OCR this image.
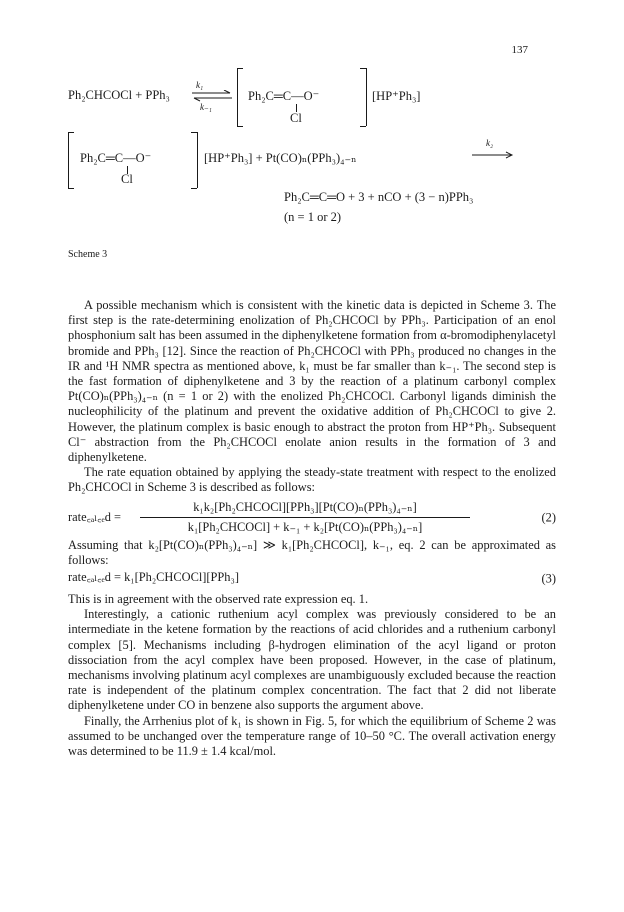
137
Ph₂CHCOCl + PPh₃
k₁
k₋₁
Ph₂C═C—O⁻
Cl
[HP⁺Ph₃]
Ph₂C═C—O⁻
Cl
[HP⁺Ph₃] + Pt(CO)ₙ(PPh₃)₄₋ₙ
k₂
Ph₂C═C═O + 3 + nCO + (3 − n)PPh₃
(n = 1 or 2)
Scheme 3

A possible mechanism which is consistent with the kinetic data is depicted in Scheme 3. The first step is the rate-determining enolization of Ph₂CHCOCl by PPh₃. Participation of an enol phosphonium salt has been assumed in the diphenylketene formation from α-bromodiphenylacetyl bromide and PPh₃ [12]. Since the reaction of Ph₂CHCOCl with PPh₃ produced no changes in the IR and ¹H NMR spectra as mentioned above, k₁ must be far smaller than k₋₁. The second step is the fast formation of diphenylketene and 3 by the reaction of a platinum carbonyl complex Pt(CO)ₙ(PPh₃)₄₋ₙ (n = 1 or 2) with the enolized Ph₂CHCOCl. Carbonyl ligands diminish the nucleophilicity of the platinum and prevent the oxidative addition of Ph₂CHCOCl to give 2. However, the platinum complex is basic enough to abstract the proton from HP⁺Ph₃. Subsequent Cl⁻ abstraction from the Ph₂CHCOCl enolate anion results in the formation of 3 and diphenylketene.

The rate equation obtained by applying the steady-state treatment with respect to the enolized Ph₂CHCOCl in Scheme 3 is described as follows:

rate꜀ₐₗ꜀ₑd =
k₁k₂[Ph₂CHCOCl][PPh₃][Pt(CO)ₙ(PPh₃)₄₋ₙ]
k₁[Ph₂CHCOCl] + k₋₁ + k₂[Pt(CO)ₙ(PPh₃)₄₋ₙ]
(2)

Assuming that k₂[Pt(CO)ₙ(PPh₃)₄₋ₙ] ≫ k₁[Ph₂CHCOCl], k₋₁, eq. 2 can be approximated as follows:

rate꜀ₐₗ꜀ₑd = k₁[Ph₂CHCOCl][PPh₃]	(3)

This is in agreement with the observed rate expression eq. 1.

Interestingly, a cationic ruthenium acyl complex was previously considered to be an intermediate in the ketene formation by the reactions of acid chlorides and a ruthenium carbonyl complex [5]. Mechanisms including β-hydrogen elimination of the acyl ligand or proton dissociation from the acyl complex have been proposed. However, in the case of platinum, mechanisms involving platinum acyl complexes are unambiguously excluded because the reaction rate is independent of the platinum complex concentration. The fact that 2 did not liberate diphenylketene under CO in benzene also supports the argument above.

Finally, the Arrhenius plot of k₁ is shown in Fig. 5, for which the equilibrium of Scheme 2 was assumed to be unchanged over the temperature range of 10–50 °C. The overall activation energy was determined to be 11.9 ± 1.4 kcal/mol.
